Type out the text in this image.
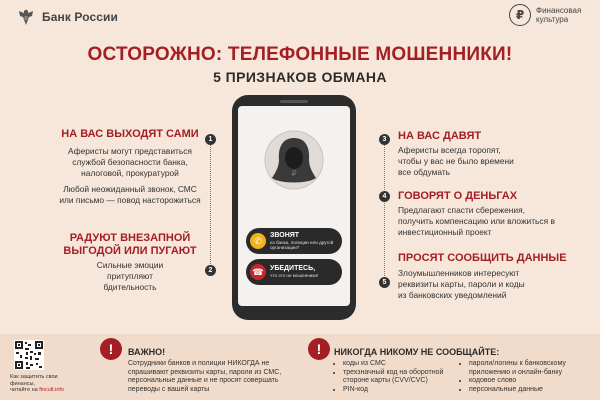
Банк России	₽	Финансовая культура
ОСТОРОЖНО: ТЕЛЕФОННЫЕ МОШЕННИКИ!
5 ПРИЗНАКОВ ОБМАНА
НА ВАС ВЫХОДЯТ САМИ
Аферисты могут представиться службой безопасности банка, налоговой, прокуратурой
Любой неожиданный звонок, СМС или письмо — повод насторожиться
РАДУЮТ ВНЕЗАПНОЙ ВЫГОДОЙ ИЛИ ПУГАЮТ
Сильные эмоции притупляют бдительность
1
2
3
4
5
НА ВАС ДАВЯТ
Аферисты всегда торопят, чтобы у вас не было времени все обдумать
ГОВОРЯТ О ДЕНЬГАХ
Предлагают спасти сбережения, получить компенсацию или вложиться в инвестиционный проект
ПРОСЯТ СООБЩИТЬ ДАННЫЕ
Злоумышленников интересуют реквизиты карты, пароли и коды из банковских уведомлений
₽
✆
ЗВОНЯТ
из банка, полиции или другой организации?
☎ УБЕДИТЕСЬ,
что это не мошенники!
Как защитить свои финансы,
читайте на fincult.info
!	ВАЖНО!
Сотрудники банков и полиции НИКОГДА не спрашивают реквизиты карты, пароли из СМС, персональные данные и не просят совершать переводы с вашей карты
!	НИКОГДА НИКОМУ НЕ СООБЩАЙТЕ:
• коды из СМС
• трехзначный код на оборотной стороне карты (CVV/CVC)
• PIN-код
• пароли/логины к банковскому приложению и онлайн-банку
• кодовое слово
• персональные данные
